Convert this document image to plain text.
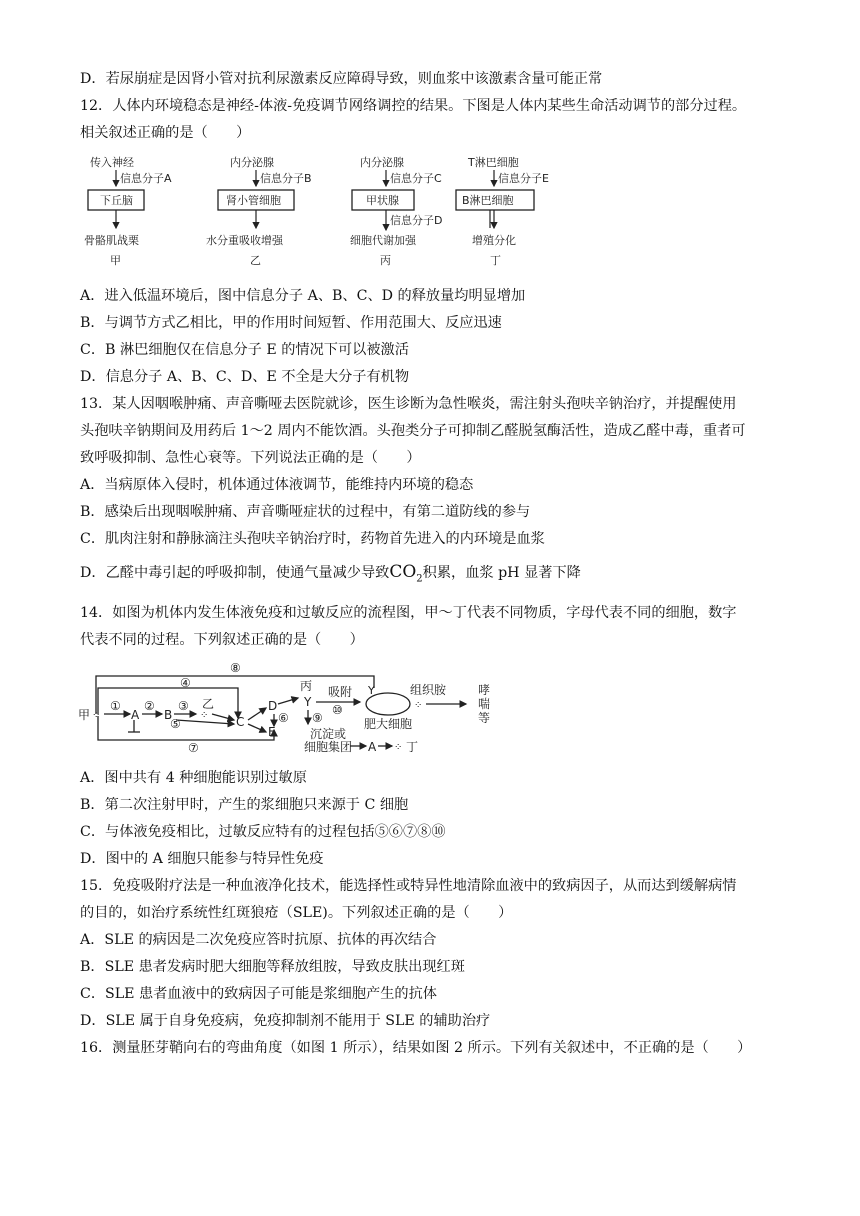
D．若尿崩症是因肾小管对抗利尿激素反应障碍导致，则血浆中该激素含量可能正常
12．人体内环境稳态是神经-体液-免疫调节网络调控的结果。下图是人体内某些生命活动调节的部分过程。
相关叙述正确的是（　　）
传入神经
信息分子A
下丘脑
骨骼肌战栗
甲
内分泌腺
信息分子B
肾小管细胞
水分重吸收增强
乙
内分泌腺
信息分子C
甲状腺
信息分子D
细胞代谢加强
丙
T淋巴细胞
信息分子E
B淋巴细胞
增殖分化
丁
A．进入低温环境后，图中信息分子 A、B、C、D 的释放量均明显增加
B．与调节方式乙相比，甲的作用时间短暂、作用范围大、反应迅速
C．B 淋巴细胞仅在信息分子 E 的情况下可以被激活
D．信息分子 A、B、C、D、E 不全是大分子有机物
13．某人因咽喉肿痛、声音嘶哑去医院就诊，医生诊断为急性喉炎，需注射头孢呋辛钠治疗，并提醒使用
头孢呋辛钠期间及用药后 1～2 周内不能饮酒。头孢类分子可抑制乙醛脱氢酶活性，造成乙醛中毒，重者可
致呼吸抑制、急性心衰等。下列说法正确的是（　　）
A．当病原体入侵时，机体通过体液调节，能维持内环境的稳态
B．感染后出现咽喉肿痛、声音嘶哑症状的过程中，有第二道防线的参与
C．肌肉注射和静脉滴注头孢呋辛钠治疗时，药物首先进入的内环境是血浆
D．乙醛中毒引起的呼吸抑制，使通气量减少导致$CO_2$积累，血浆 pH 显著下降
14．如图为机体内发生体液免疫和过敏反应的流程图，甲～丁代表不同物质，字母代表不同的细胞，数字
代表不同的过程。下列叙述正确的是（　　）
⑧
④
⑦
甲 ⁘
①
A
②
B
③
⁘
乙
⑤	C
D
E
⑥
丙
Y
⑨
沉淀或
细胞集团 A ⁘ 丁
吸附
⑩
Y
肥大细胞
⁘
组织胺	哮
喘
等
A．图中共有 4 种细胞能识别过敏原
B．第二次注射甲时，产生的浆细胞只来源于 C 细胞
C．与体液免疫相比，过敏反应特有的过程包括⑤⑥⑦⑧⑩
D．图中的 A 细胞只能参与特异性免疫
15．免疫吸附疗法是一种血液净化技术，能选择性或特异性地清除血液中的致病因子，从而达到缓解病情
的目的，如治疗系统性红斑狼疮（SLE)。下列叙述正确的是（　　）
A．SLE 的病因是二次免疫应答时抗原、抗体的再次结合
B．SLE 患者发病时肥大细胞等释放组胺，导致皮肤出现红斑
C．SLE 患者血液中的致病因子可能是浆细胞产生的抗体
D．SLE 属于自身免疫病，免疫抑制剂不能用于 SLE 的辅助治疗
16．测量胚芽鞘向右的弯曲角度（如图 1 所示），结果如图 2 所示。下列有关叙述中，不正确的是（　　）
